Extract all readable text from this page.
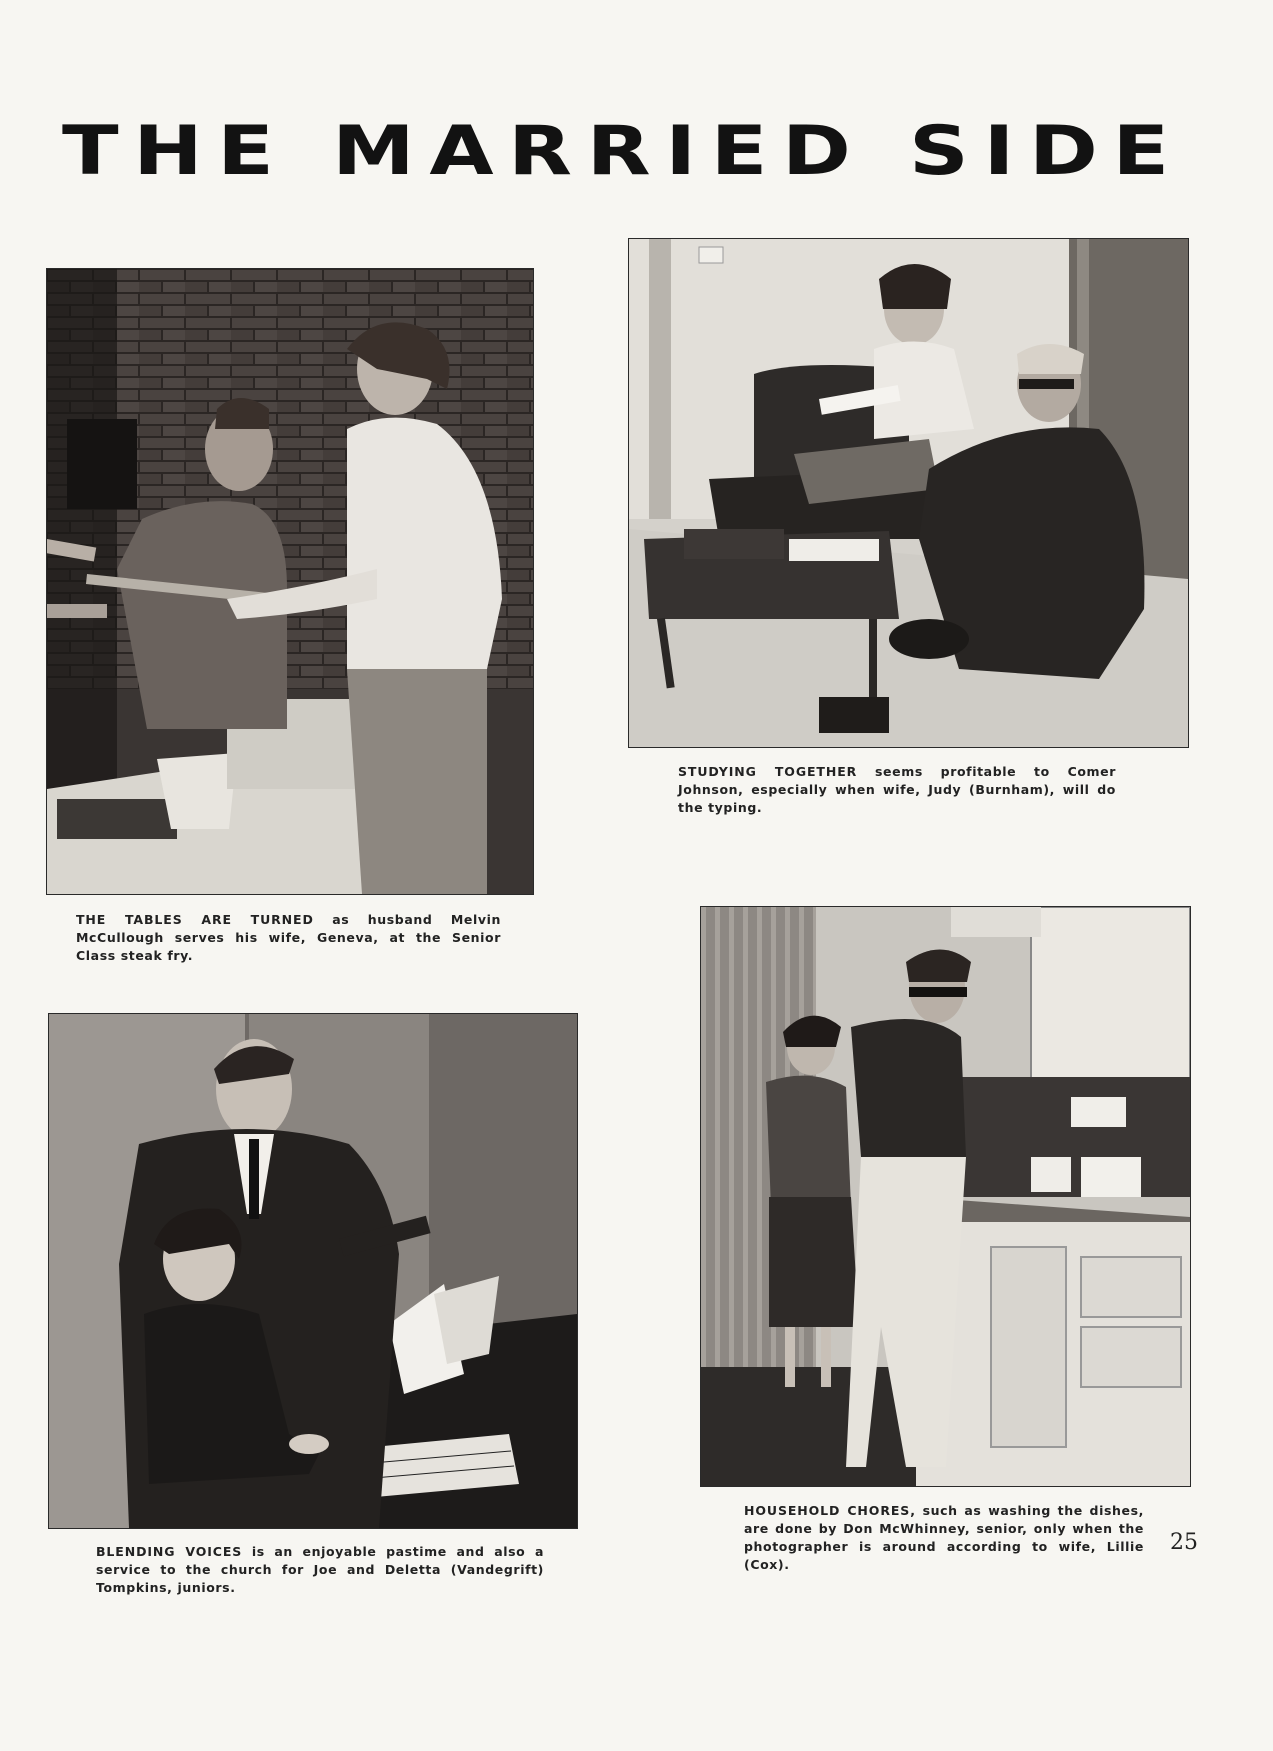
THE MARRIED SIDE

THE TABLES ARE TURNED as husband Melvin McCullough serves his wife, Geneva, at the Senior Class steak fry.

STUDYING TOGETHER seems profitable to Comer Johnson, especially when wife, Judy (Burnham), will do the typing.

BLENDING VOICES is an enjoyable pastime and also a service to the church for Joe and Deletta (Vandegrift) Tompkins, juniors.

HOUSEHOLD CHORES, such as washing the dishes, are done by Don McWhinney, senior, only when the photographer is around according to wife, Lillie (Cox).

25
